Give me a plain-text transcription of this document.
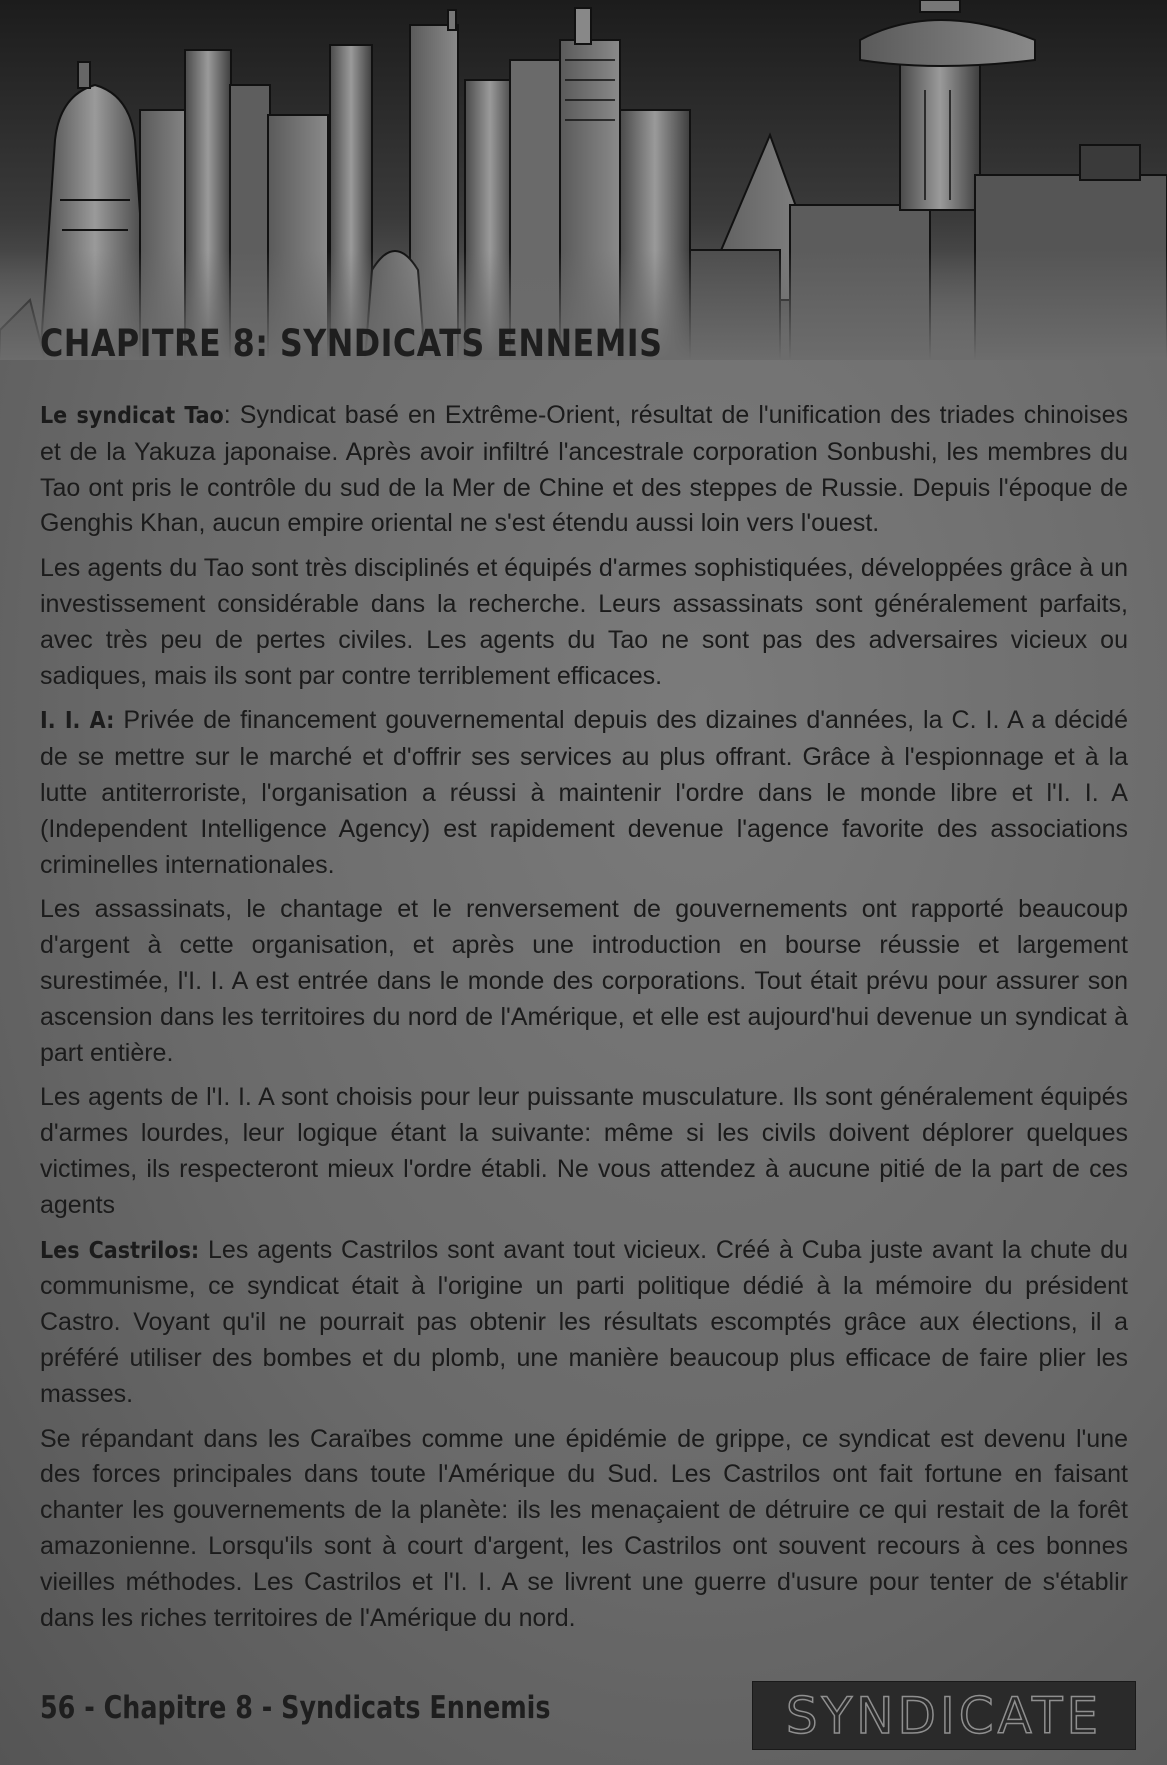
CHAPITRE 8: SYNDICATS ENNEMIS

Le syndicat Tao: Syndicat basé en Extrême-Orient, résultat de l'unification des triades chinoises et de la Yakuza japonaise. Après avoir infiltré l'ancestrale corporation Sonbushi, les membres du Tao ont pris le contrôle du sud de la Mer de Chine et des steppes de Russie. Depuis l'époque de Genghis Khan, aucun empire oriental ne s'est étendu aussi loin vers l'ouest.

Les agents du Tao sont très disciplinés et équipés d'armes sophistiquées, développées grâce à un investissement considérable dans la recherche. Leurs assassinats sont généralement parfaits, avec très peu de pertes civiles. Les agents du Tao ne sont pas des adversaires vicieux ou sadiques, mais ils sont par contre terriblement efficaces.

I. I. A: Privée de financement gouvernemental depuis des dizaines d'années, la C. I. A a décidé de se mettre sur le marché et d'offrir ses services au plus offrant. Grâce à l'espionnage et à la lutte antiterroriste, l'organisation a réussi à maintenir l'ordre dans le monde libre et l'I. I. A (Independent Intelligence Agency) est rapidement devenue l'agence favorite des associations criminelles internationales.

Les assassinats, le chantage et le renversement de gouvernements ont rapporté beaucoup d'argent à cette organisation, et après une introduction en bourse réussie et largement surestimée, l'I. I. A est entrée dans le monde des corporations. Tout était prévu pour assurer son ascension dans les territoires du nord de l'Amérique, et elle est aujourd'hui devenue un syndicat à part entière.

Les agents de l'I. I. A sont choisis pour leur puissante musculature. Ils sont généralement équipés d'armes lourdes, leur logique étant la suivante: même si les civils doivent déplorer quelques victimes, ils respecteront mieux l'ordre établi. Ne vous attendez à aucune pitié de la part de ces agents

Les Castrilos: Les agents Castrilos sont avant tout vicieux. Créé à Cuba juste avant la chute du communisme, ce syndicat était à l'origine un parti politique dédié à la mémoire du président Castro. Voyant qu'il ne pourrait pas obtenir les résultats escomptés grâce aux élections, il a préféré utiliser des bombes et du plomb, une manière beaucoup plus efficace de faire plier les masses.

Se répandant dans les Caraïbes comme une épidémie de grippe, ce syndicat est devenu l'une des forces principales dans toute l'Amérique du Sud. Les Castrilos ont fait fortune en faisant chanter les gouvernements de la planète: ils les menaçaient de détruire ce qui restait de la forêt amazonienne. Lorsqu'ils sont à court d'argent, les Castrilos ont souvent recours à ces bonnes vieilles méthodes. Les Castrilos et l'I. I. A se livrent une guerre d'usure pour tenter de s'établir dans les riches territoires de l'Amérique du nord.

56 - Chapitre 8 - Syndicats Ennemis	SYNDICATE
